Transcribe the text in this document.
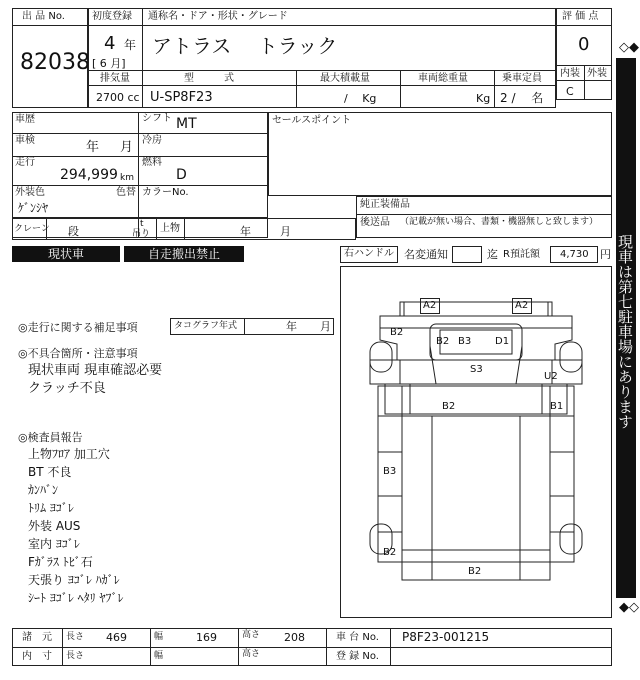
出 品 No.
82038
初度登録 通称名・ドア・形状・グレード
4 年
[ 6 月]
アトラス　 トラック
排気量	型　　　式	最大積載量	車両総重量	乗車定員
2700 cc U-SP8F23	/ 　Kg	Kg 2 /　 名
評 価 点
0
内装 外装
C
車歴	シフト MT
車検	年 月 冷房
走行
294,999 km
燃料
D
外装色
ｹﾞﾝｼﾔ
色替 カラーNo.
セールスポイント
純正装備品
後送品 （記載が無い場合、書類・機器無しと致します）
クレーン 段
t
吊り 上物	年	月
現状車	自走搬出禁止	右ハンドル 名変通知	迄 R預託額 4,730 円
◎走行に関する補足事項	タコグラフ年式	年 月
◎不具合箇所・注意事項
現状車両 現車確認必要
クラッチ不良
◎検査員報告
上物ﾌﾛｱ 加工穴
BT 不良
ｶﾝﾊﾞﾝ
ﾄﾘﾑ ﾖｺﾞﾚ
外装 AUS
室内 ﾖｺﾞﾚ
Fｶﾞﾗｽ ﾄﾋﾞ石
天張り ﾖｺﾞﾚ ﾊｶﾞﾚ
ｼｰﾄ ﾖｺﾞﾚ ﾍﾀﾘ ﾔﾌﾞﾚ
A2	A2
B2 B3
B2
D1
S3
U2
B2	B1
B3
B2
B2
◇◆
現車は第七駐車場にあります
◆◇
諸　元 長さ 469	幅	169	高さ 208	車 台 No. P8F23-001215
内　寸 長さ	幅	高さ	登 録 No.
